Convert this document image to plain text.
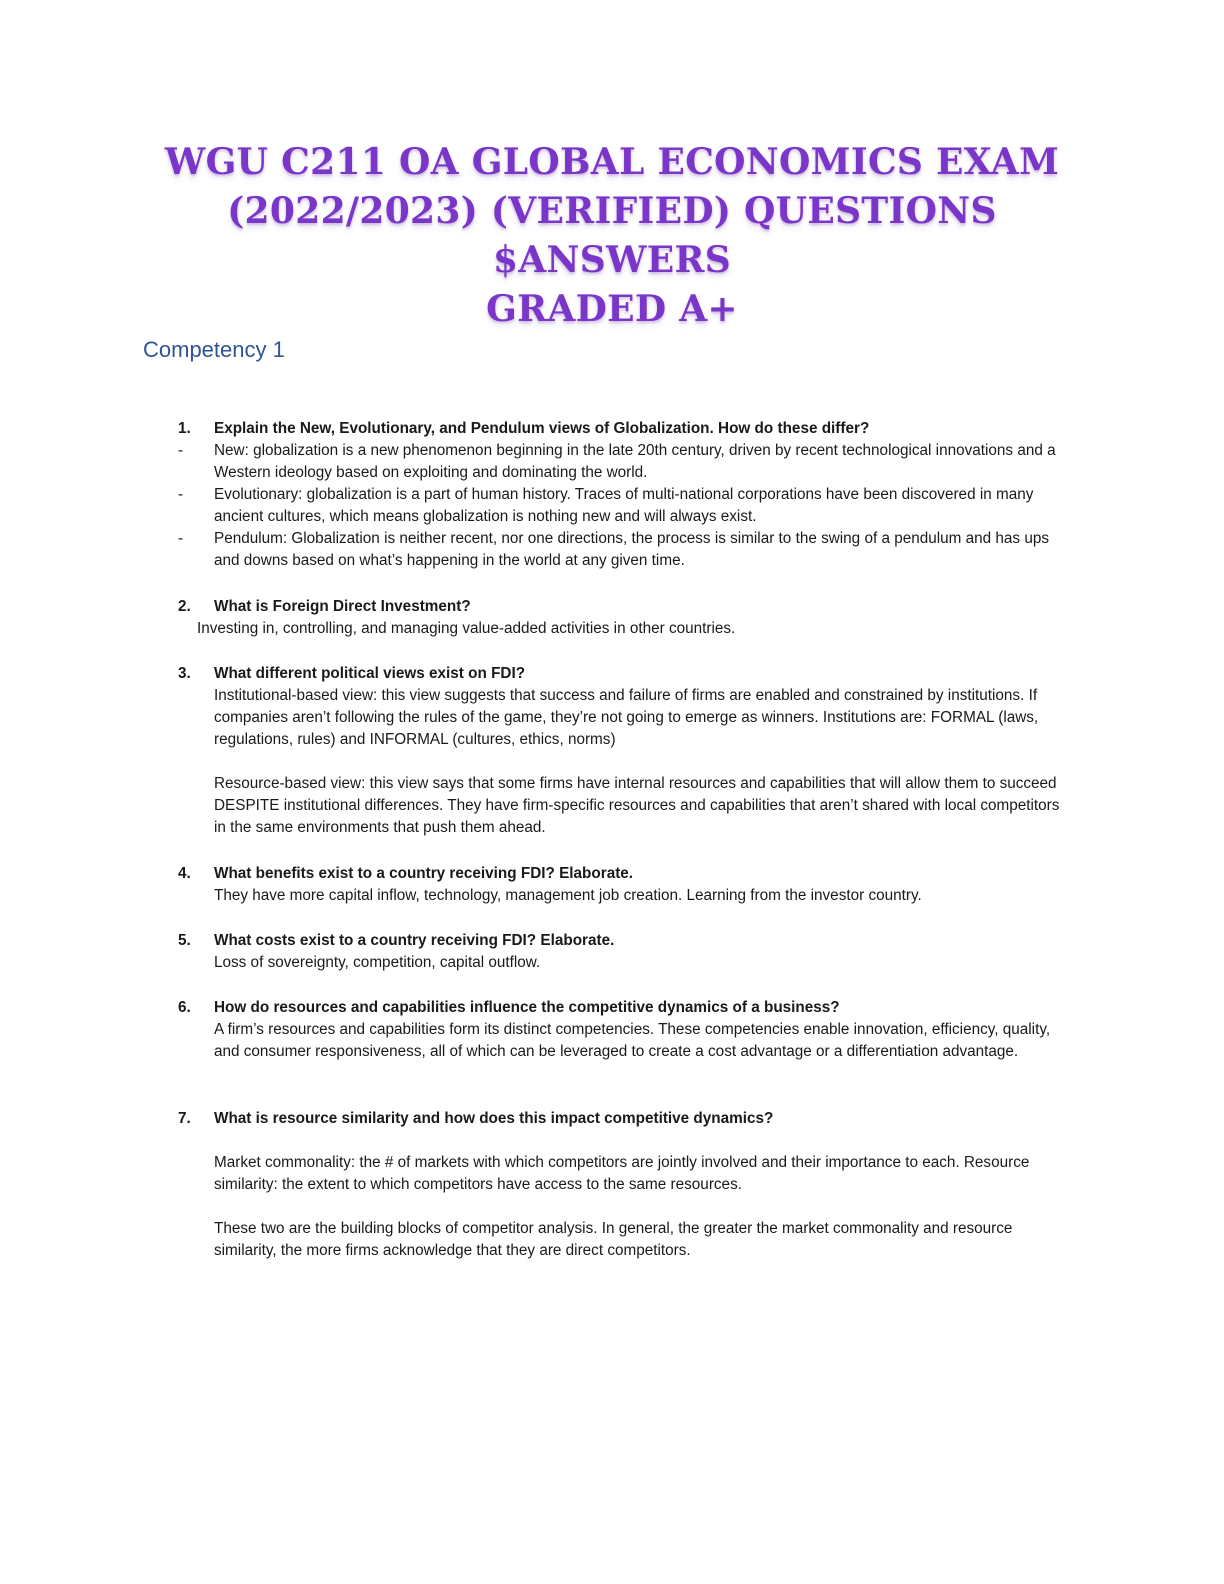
WGU C211 OA GLOBAL ECONOMICS EXAM
(2022/2023) (VERIFIED) QUESTIONS $ANSWERS
GRADED A+
Competency 1
1. Explain the New, Evolutionary, and Pendulum views of Globalization. How do these differ?
- New: globalization is a new phenomenon beginning in the late 20th century, driven by recent technological innovations and a Western ideology based on exploiting and dominating the world.
- Evolutionary: globalization is a part of human history. Traces of multi-national corporations have been discovered in many ancient cultures, which means globalization is nothing new and will always exist.
- Pendulum: Globalization is neither recent, nor one directions, the process is similar to the swing of a pendulum and has ups and downs based on what’s happening in the world at any given time.
2. What is Foreign Direct Investment?

Investing in, controlling, and managing value-added activities in other countries.

3. What different political views exist on FDI?

Institutional-based view: this view suggests that success and failure of firms are enabled and constrained by institutions. If companies aren’t following the rules of the game, they’re not going to emerge as winners. Institutions are: FORMAL (laws, regulations, rules) and INFORMAL (cultures, ethics, norms)

Resource-based view: this view says that some firms have internal resources and capabilities that will allow them to succeed DESPITE institutional differences. They have firm-specific resources and capabilities that aren’t shared with local competitors in the same environments that push them ahead.

4. What benefits exist to a country receiving FDI? Elaborate.

They have more capital inflow, technology, management job creation. Learning from the investor country.

5. What costs exist to a country receiving FDI? Elaborate.

Loss of sovereignty, competition, capital outflow.

6. How do resources and capabilities influence the competitive dynamics of a business?

A firm’s resources and capabilities form its distinct competencies. These competencies enable innovation, efficiency, quality, and consumer responsiveness, all of which can be leveraged to create a cost advantage or a differentiation advantage.

7. What is resource similarity and how does this impact competitive dynamics?

Market commonality: the # of markets with which competitors are jointly involved and their importance to each. Resource similarity: the extent to which competitors have access to the same resources.

These two are the building blocks of competitor analysis. In general, the greater the market commonality and resource similarity, the more firms acknowledge that they are direct competitors.
